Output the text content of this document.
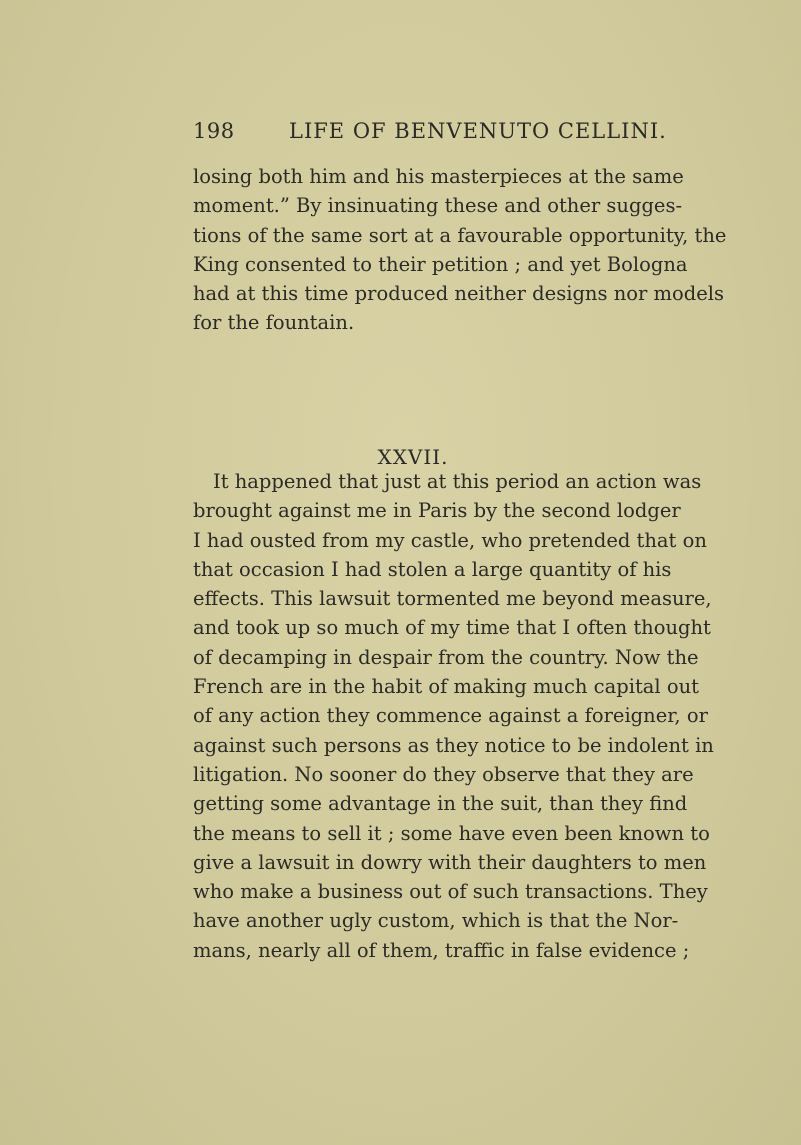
198	LIFE OF BENVENUTO CELLINI.
losing both him and his masterpieces at the same
moment.” By insinuating these and other sugges-
tions of the same sort at a favourable opportunity, the
King consented to their petition ; and yet Bologna
had at this time produced neither designs nor models
for the fountain.
XXVII.
It happened that just at this period an action was
brought against me in Paris by the second lodger
I had ousted from my castle, who pretended that on
that occasion I had stolen a large quantity of his
effects. This lawsuit tormented me beyond measure,
and took up so much of my time that I often thought
of decamping in despair from the country. Now the
French are in the habit of making much capital out
of any action they commence against a foreigner, or
against such persons as they notice to be indolent in
litigation. No sooner do they observe that they are
getting some advantage in the suit, than they find
the means to sell it ; some have even been known to
give a lawsuit in dowry with their daughters to men
who make a business out of such transactions. They
have another ugly custom, which is that the Nor-
mans, nearly all of them, traffic in false evidence ;
